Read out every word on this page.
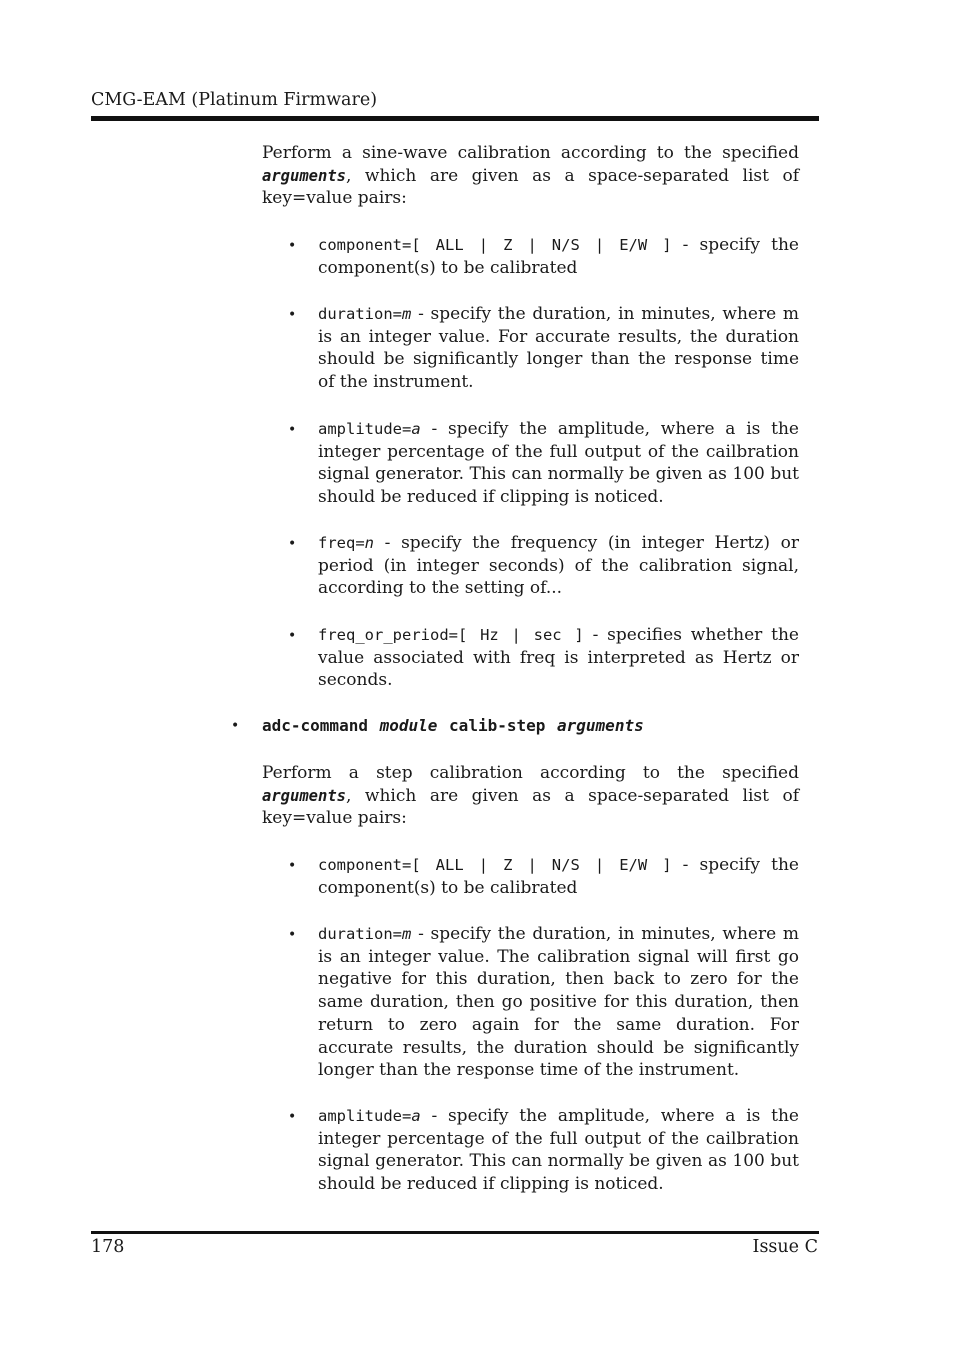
CMG-EAM (Platinum Firmware)
Perform a sine-wave calibration according to the specified arguments, which are given as a space-separated list of key=value pairs:
• component=[ ALL | Z | N/S | E/W ] - specify the component(s) to be calibrated
• duration=m - specify the duration, in minutes, where m is an integer value. For accurate results, the duration should be significantly longer than the response time of the instrument.
• amplitude=a - specify the amplitude, where a is the integer percentage of the full output of the cailbration signal generator. This can normally be given as 100 but should be reduced if clipping is noticed.
• freq=n - specify the frequency (in integer Hertz) or period (in integer seconds) of the calibration signal, according to the setting of...
• freq_or_period=[ Hz | sec ] - specifies whether the value associated with freq is interpreted as Hertz or seconds.
• adc-command module calib-step arguments
Perform a step calibration according to the specified arguments, which are given as a space-separated list of key=value pairs:
• component=[ ALL | Z | N/S | E/W ] - specify the component(s) to be calibrated
• duration=m - specify the duration, in minutes, where m is an integer value. The calibration signal will first go negative for this duration, then back to zero for the same duration, then go positive for this duration, then return to zero again for the same duration. For accurate results, the duration should be significantly longer than the response time of the instrument.
• amplitude=a - specify the amplitude, where a is the integer percentage of the full output of the cailbration signal generator. This can normally be given as 100 but should be reduced if clipping is noticed.
178	Issue C
